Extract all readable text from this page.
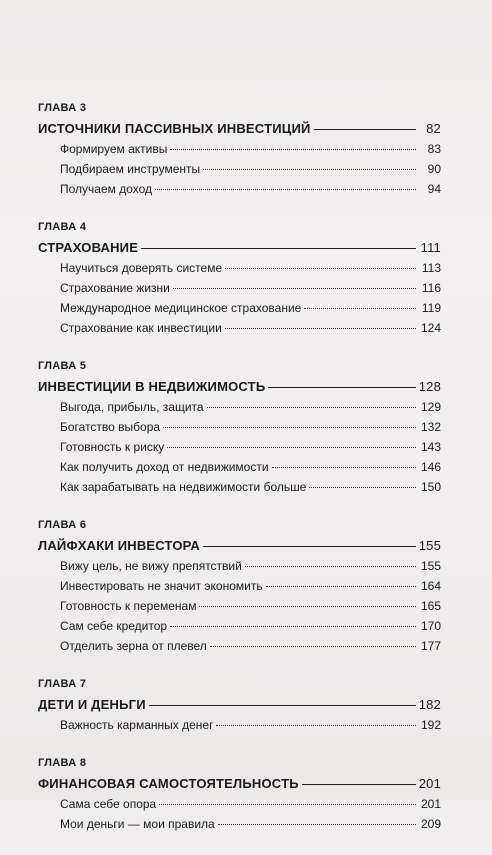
ГЛАВА 3
ИСТОЧНИКИ ПАССИВНЫХ ИНВЕСТИЦИЙ	82
Формируем активы	83
Подбираем инструменты	90
Получаем доход	94
ГЛАВА 4
СТРАХОВАНИЕ	111
Научиться доверять системе	113
Страхование жизни	116
Международное медицинское страхование	119
Страхование как инвестиции	124
ГЛАВА 5
ИНВЕСТИЦИИ В НЕДВИЖИМОСТЬ	128
Выгода, прибыль, защита	129
Богатство выбора	132
Готовность к риску	143
Как получить доход от недвижимости	146
Как зарабатывать на недвижимости больше	150
ГЛАВА 6
ЛАЙФХАКИ ИНВЕСТОРА	155
Вижу цель, не вижу препятствий	155
Инвестировать не значит экономить	164
Готовность к переменам	165
Сам себе кредитор	170
Отделить зерна от плевел	177
ГЛАВА 7
ДЕТИ И ДЕНЬГИ	182
Важность карманных денег	192
ГЛАВА 8
ФИНАНСОВАЯ САМОСТОЯТЕЛЬНОСТЬ	201
Сама себе опора	201
Мои деньги — мои правила	209
